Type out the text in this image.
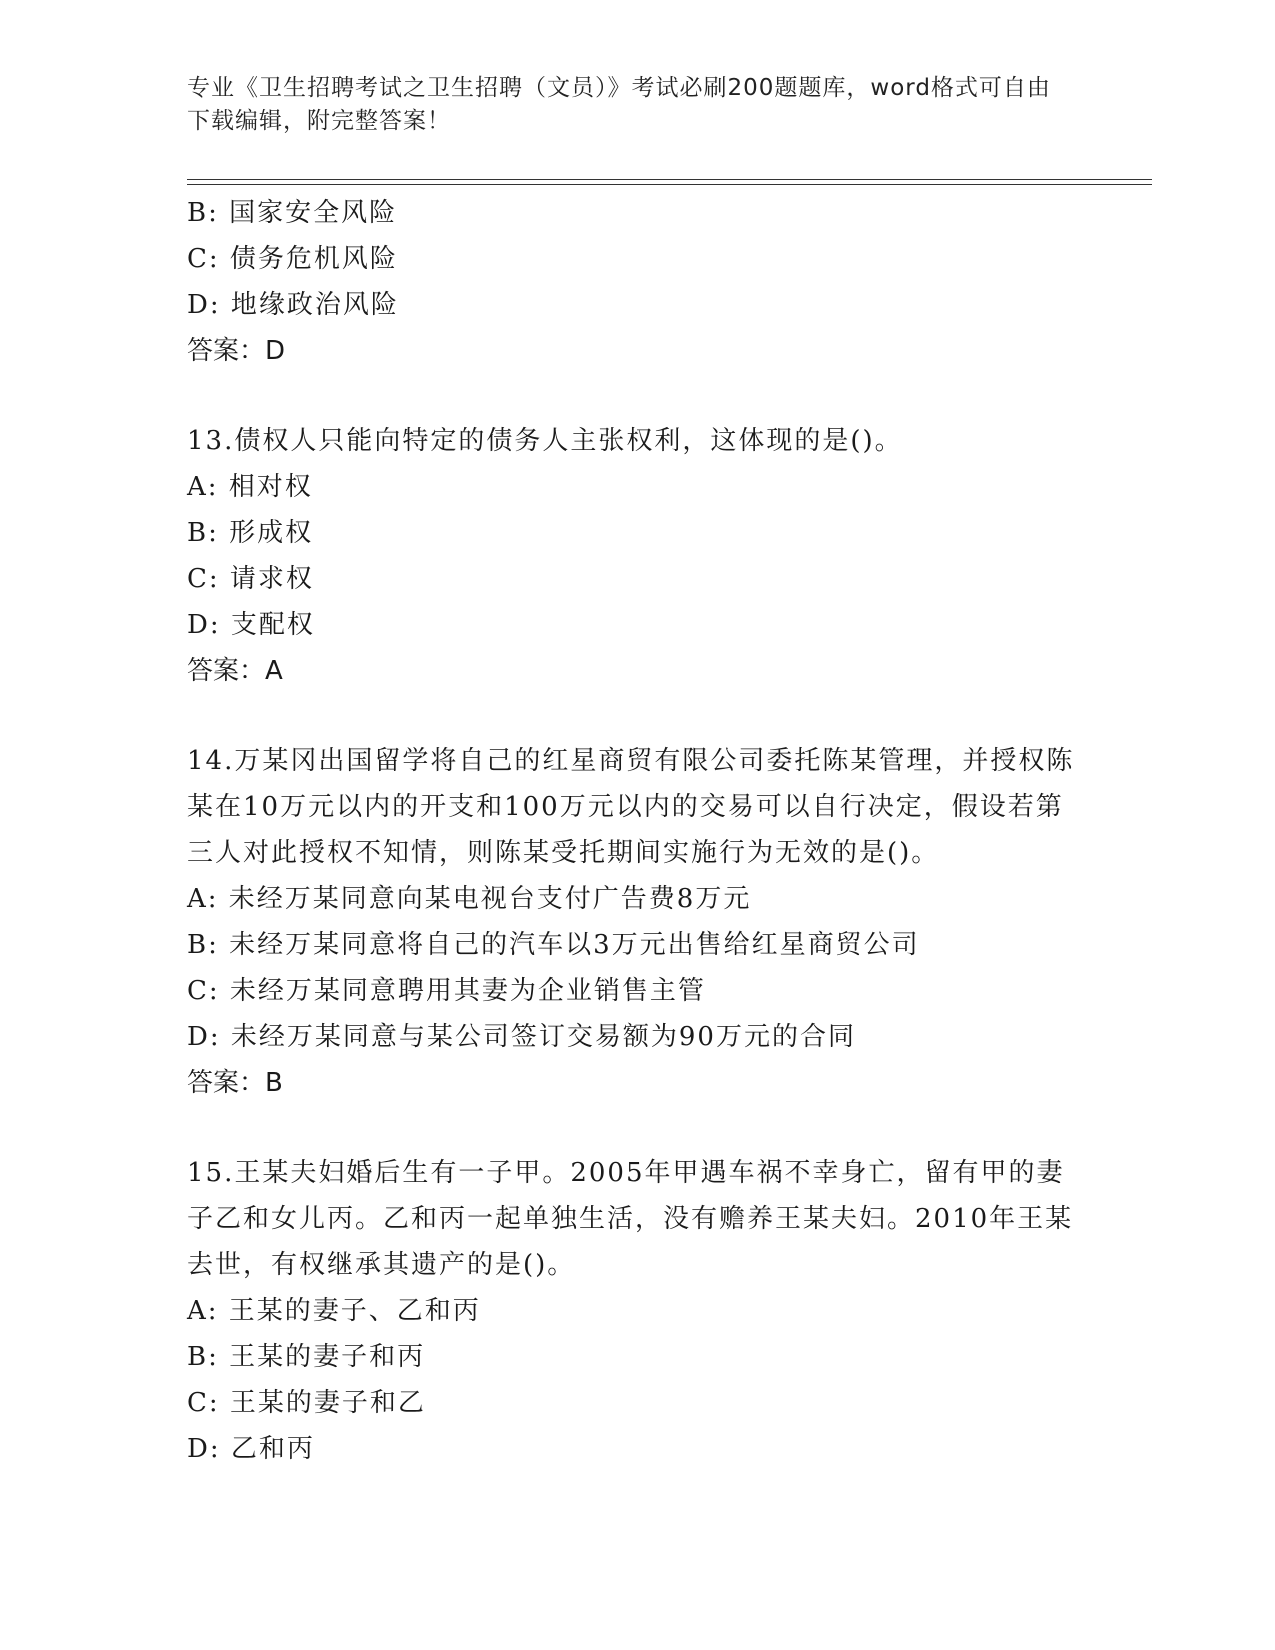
专业《卫生招聘考试之卫生招聘（文员）》考试必刷200题题库，word格式可自由下载编辑，附完整答案！

B: 国家安全风险

C: 债务危机风险

D: 地缘政治风险

答案：D

13.债权人只能向特定的债务人主张权利，这体现的是()。

A: 相对权

B: 形成权

C: 请求权

D: 支配权

答案：A

14.万某冈出国留学将自己的红星商贸有限公司委托陈某管理，并授权陈某在10万元以内的开支和100万元以内的交易可以自行决定，假设若第三人对此授权不知情，则陈某受托期间实施行为无效的是()。

A: 未经万某同意向某电视台支付广告费8万元

B: 未经万某同意将自己的汽车以3万元出售给红星商贸公司

C: 未经万某同意聘用其妻为企业销售主管

D: 未经万某同意与某公司签订交易额为90万元的合同

答案：B

15.王某夫妇婚后生有一子甲。2005年甲遇车祸不幸身亡，留有甲的妻子乙和女儿丙。乙和丙一起单独生活，没有赡养王某夫妇。2010年王某去世，有权继承其遗产的是()。

A: 王某的妻子、乙和丙

B: 王某的妻子和丙

C: 王某的妻子和乙

D: 乙和丙
